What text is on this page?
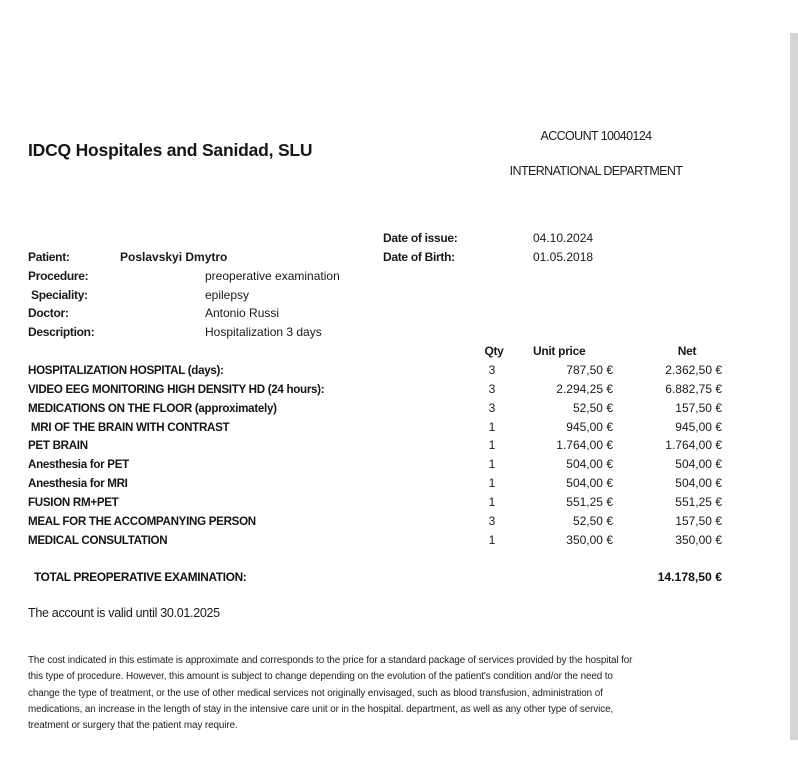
IDCQ Hospitales and Sanidad, SLU
ACCOUNT 10040124
INTERNATIONAL DEPARTMENT
Date of issue:	04.10.2024
Date of Birth:	01.05.2018
Patient:	Poslavskyi Dmytro
Procedure:	preoperative examination
Speciality:	epilepsy
Doctor:	Antonio Russi
Description:	Hospitalization 3 days
Qty	Unit price	Net
HOSPITALIZATION HOSPITAL (days):	3	787,50 €	2.362,50 €
VIDEO EEG MONITORING HIGH DENSITY HD (24 hours):	3	2.294,25 €	6.882,75 €
MEDICATIONS ON THE FLOOR (approximately)	3	52,50 €	157,50 €
MRI OF THE BRAIN WITH CONTRAST	1	945,00 €	945,00 €
PET BRAIN	1	1.764,00 €	1.764,00 €
Anesthesia for PET	1	504,00 €	504,00 €
Anesthesia for MRI	1	504,00 €	504,00 €
FUSION RM+PET	1	551,25 €	551,25 €
MEAL FOR THE ACCOMPANYING PERSON	3	52,50 €	157,50 €
MEDICAL CONSULTATION	1	350,00 €	350,00 €
TOTAL PREOPERATIVE EXAMINATION:	14.178,50 €
The account is valid until 30.01.2025
The cost indicated in this estimate is approximate and corresponds to the price for a standard package of services provided by the hospital for
this type of procedure. However, this amount is subject to change depending on the evolution of the patient's condition and/or the need to
change the type of treatment, or the use of other medical services not originally envisaged, such as blood transfusion, administration of
medications, an increase in the length of stay in the intensive care unit or in the hospital. department, as well as any other type of service,
treatment or surgery that the patient may require.
